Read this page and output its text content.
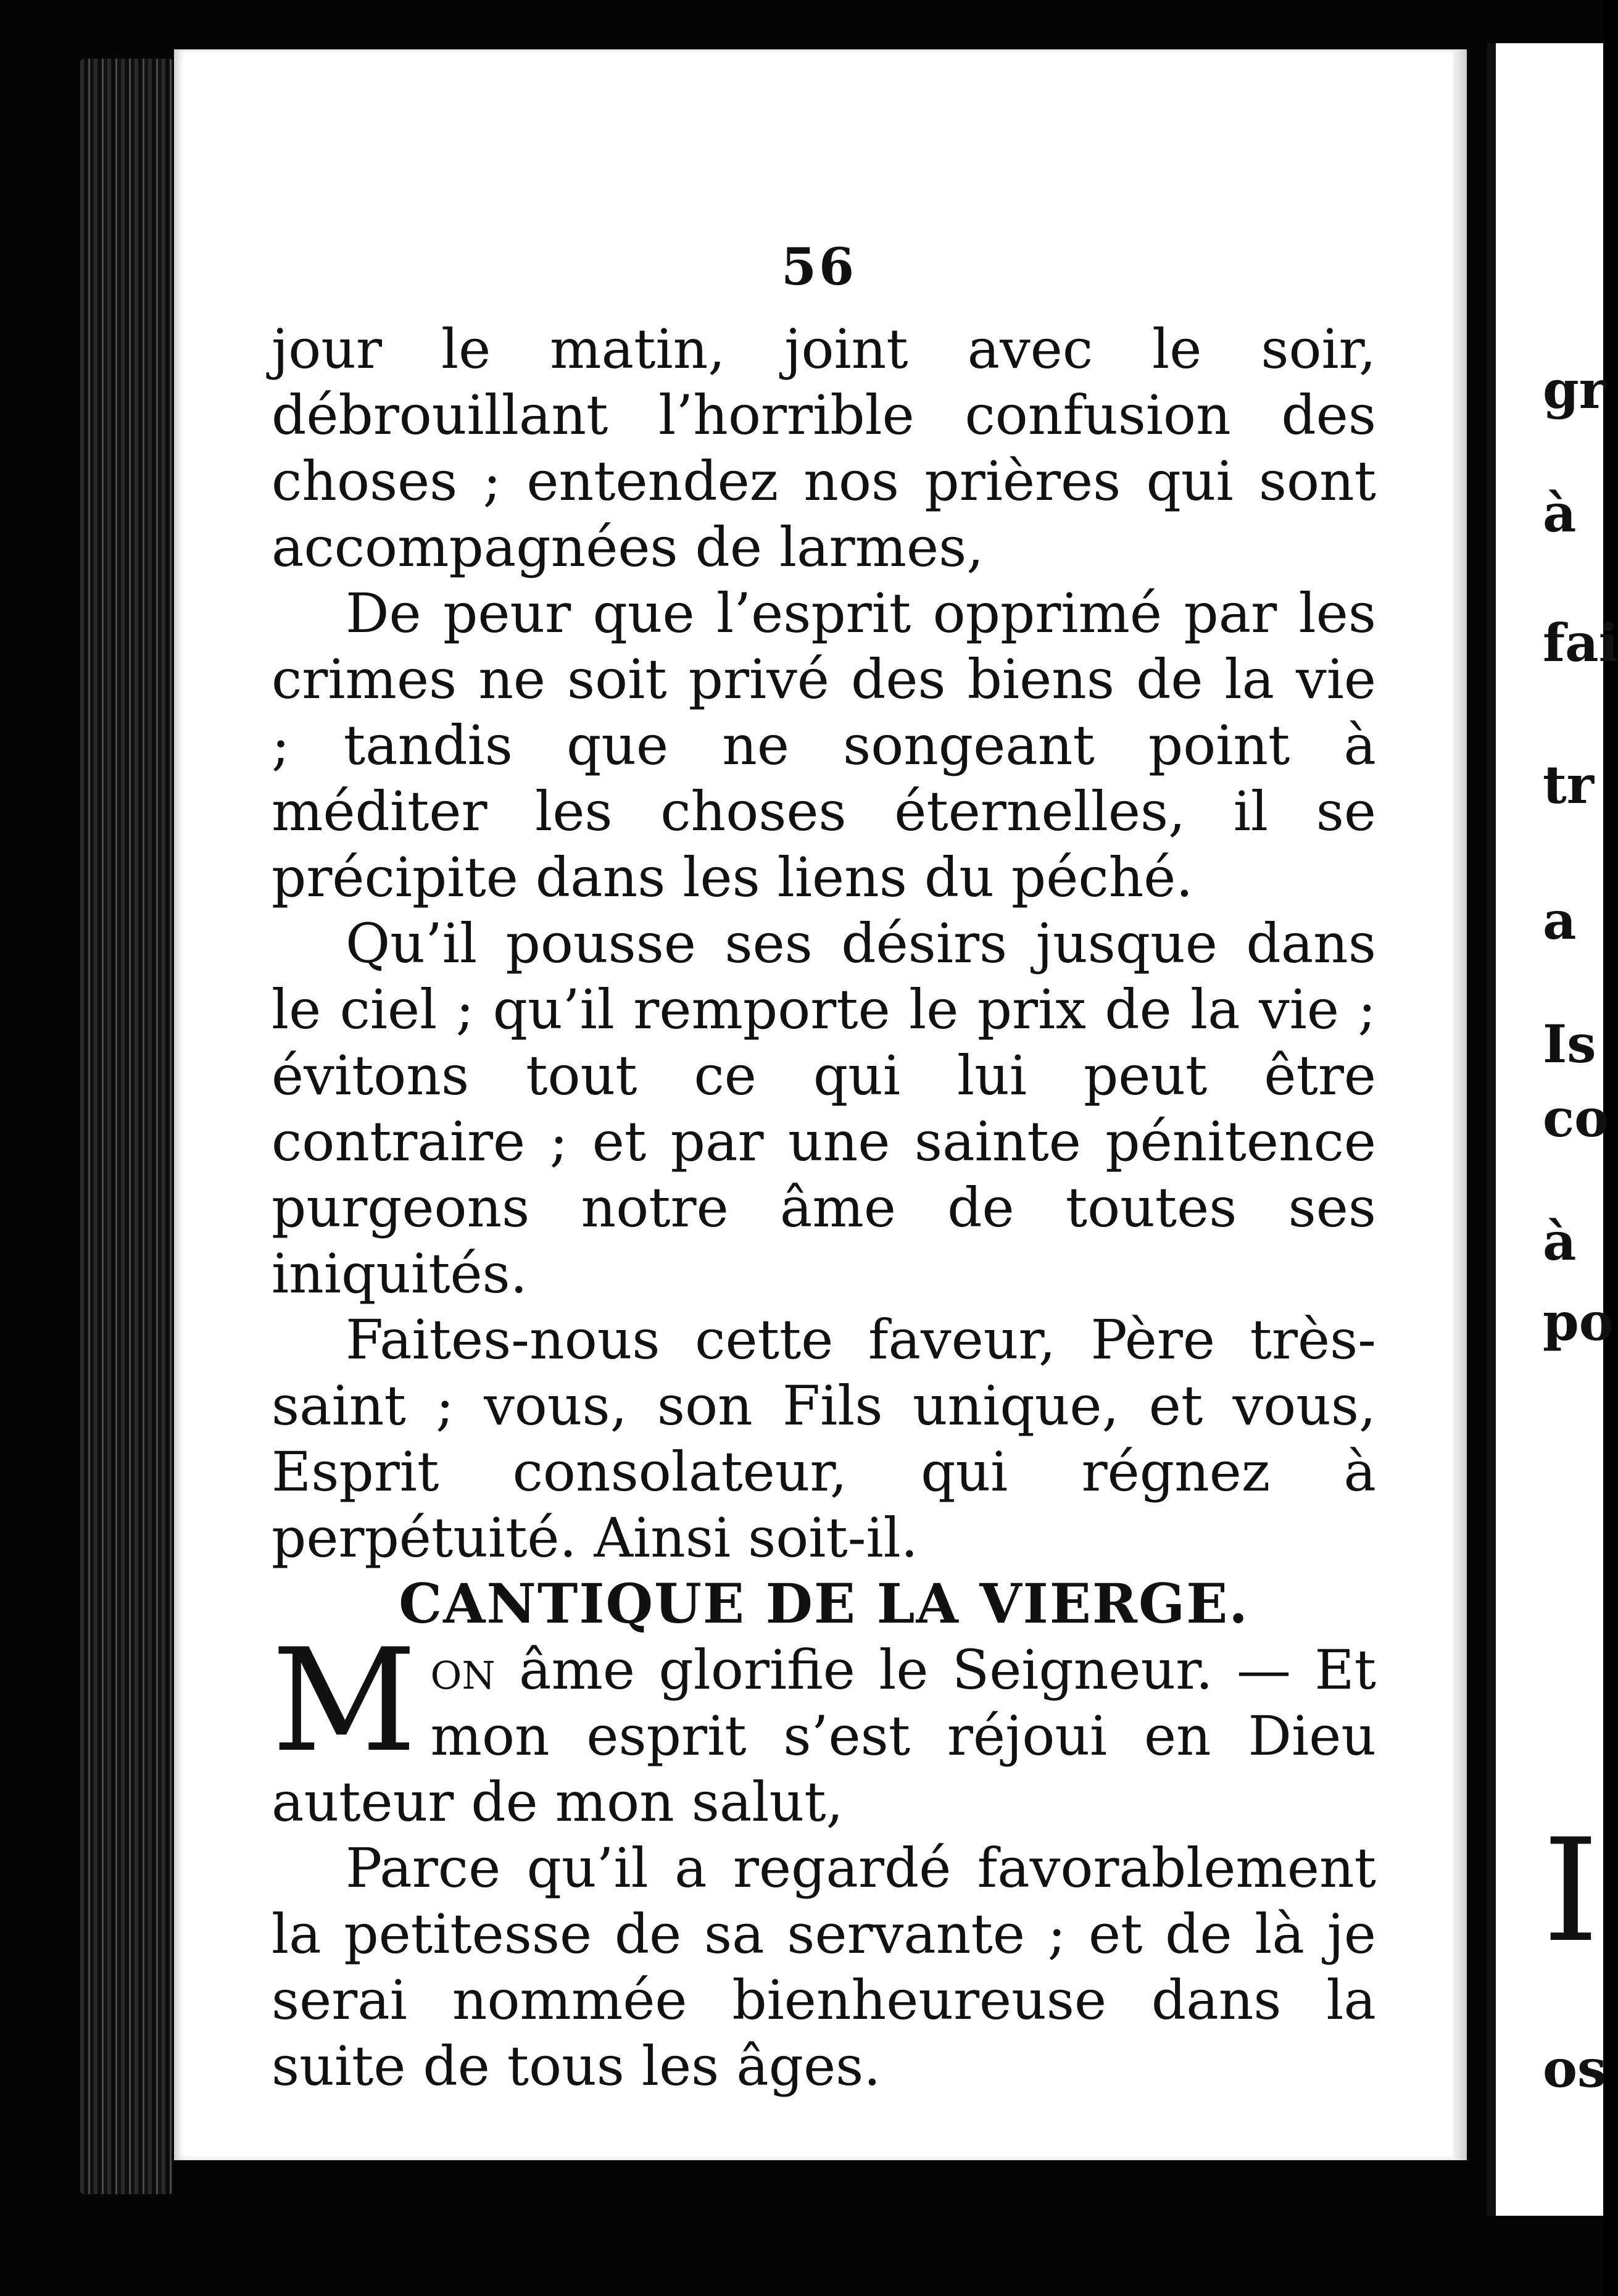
56

jour le matin, joint avec le soir, débrouillant l’horrible confusion des choses ; entendez nos prières qui sont accompagnées de larmes,

De peur que l’esprit opprimé par les crimes ne soit privé des biens de la vie ; tandis que ne songeant point à méditer les choses éternelles, il se précipite dans les liens du péché.

Qu’il pousse ses désirs jusque dans le ciel ; qu’il remporte le prix de la vie ; évitons tout ce qui lui peut être contraire ; et par une sainte pénitence purgeons notre âme de toutes ses iniquités.

Faites-nous cette faveur, Père très-saint ; vous, son Fils unique, et vous, Esprit consolateur, qui régnez à perpétuité. Ainsi soit-il.

CANTIQUE DE LA VIERGE.

Mon âme glorifie le Seigneur. — Et mon esprit s’est réjoui en Dieu auteur de mon salut,

Parce qu’il a regardé favorablement la petitesse de sa servante ; et de là je serai nommée bienheureuse dans la suite de tous les âges.

gr
à
fai
tr
a
Is
co
à
po
I
os
